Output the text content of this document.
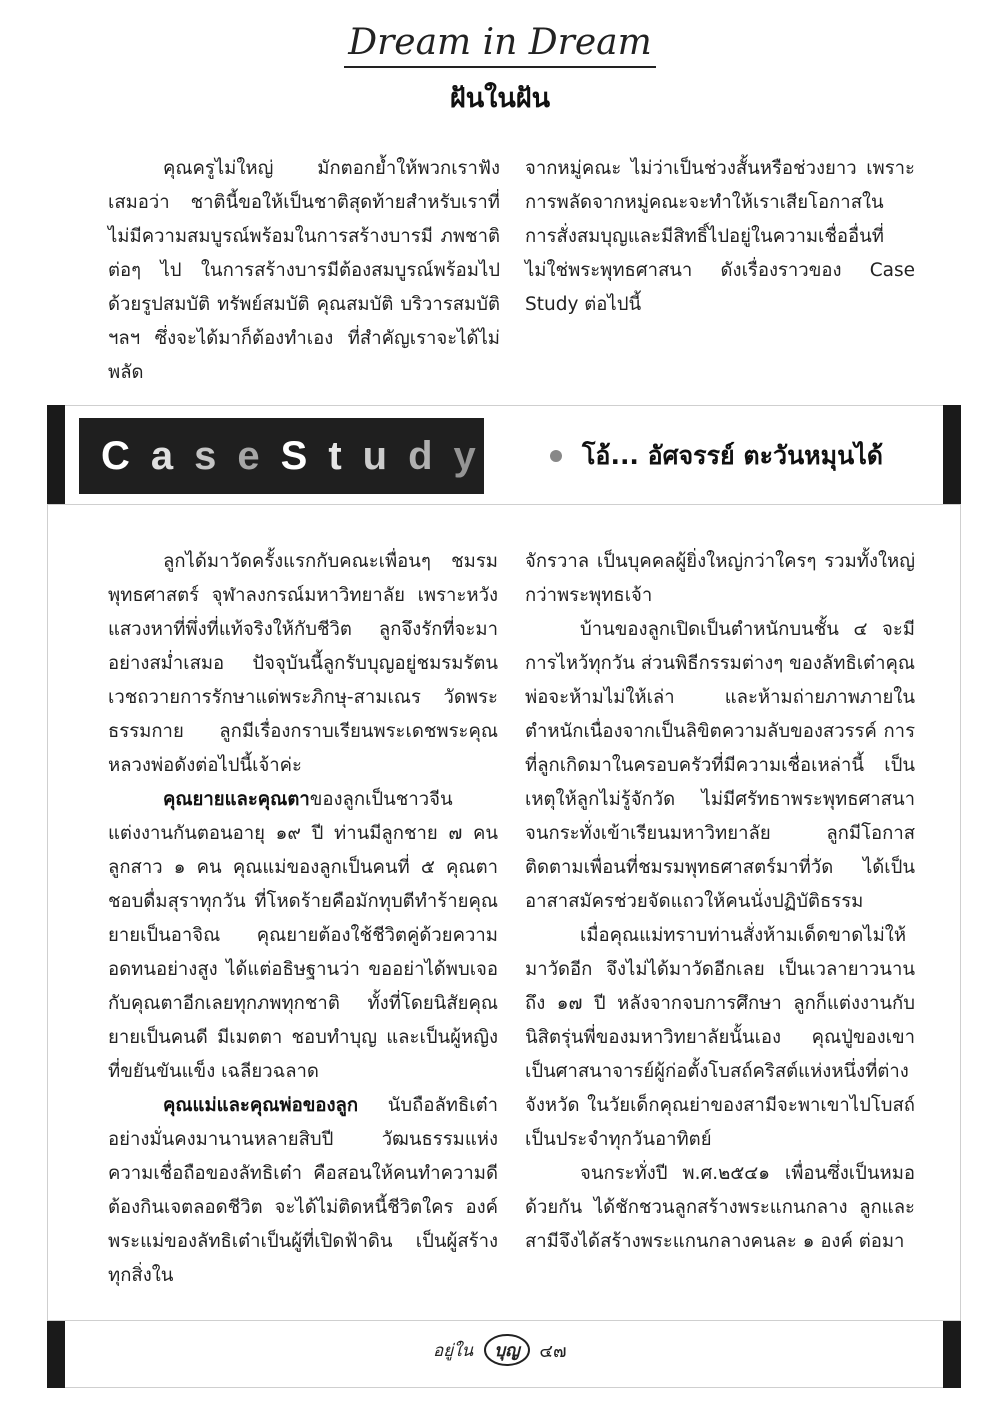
Dream in Dream
ฝันในฝัน

คุณครูไม่ใหญ่ มักตอกย้ำให้พวกเราฟังเสมอว่า ชาตินี้ขอให้เป็นชาติสุดท้ายสำหรับเราที่ไม่มีความสมบูรณ์พร้อมในการสร้างบารมี ภพชาติต่อๆ ไป ในการสร้างบารมีต้องสมบูรณ์พร้อมไปด้วยรูปสมบัติ ทรัพย์สมบัติ คุณสมบัติ บริวารสมบัติ ฯลฯ ซึ่งจะได้มาก็ต้องทำเอง ที่สำคัญเราจะได้ไม่พลัด

จากหมู่คณะ ไม่ว่าเป็นช่วงสั้นหรือช่วงยาว เพราะการพลัดจากหมู่คณะจะทำให้เราเสียโอกาสในการสั่งสมบุญและมีสิทธิ์ไปอยู่ในความเชื่ออื่นที่ไม่ใช่พระพุทธศาสนา ดังเรื่องราวของ Case Study ต่อไปนี้

C a s e S t u d y	โอ้... อัศจรรย์ ตะวันหมุนได้

ลูกได้มาวัดครั้งแรกกับคณะเพื่อนๆ ชมรมพุทธศาสตร์ จุฬาลงกรณ์มหาวิทยาลัย เพราะหวังแสวงหาที่พึ่งที่แท้จริงให้กับชีวิต ลูกจึงรักที่จะมาอย่างสม่ำเสมอ ปัจจุบันนี้ลูกรับบุญอยู่ชมรมรัตนเวชถวายการรักษาแด่พระภิกษุ-สามเณร วัดพระธรรมกาย ลูกมีเรื่องกราบเรียนพระเดชพระคุณหลวงพ่อดังต่อไปนี้เจ้าค่ะ

คุณยายและคุณตาของลูกเป็นชาวจีน แต่งงานกันตอนอายุ ๑๙ ปี ท่านมีลูกชาย ๗ คน ลูกสาว ๑ คน คุณแม่ของลูกเป็นคนที่ ๕ คุณตาชอบดื่มสุราทุกวัน ที่โหดร้ายคือมักทุบตีทำร้ายคุณยายเป็นอาจิณ คุณยายต้องใช้ชีวิตคู่ด้วยความอดทนอย่างสูง ได้แต่อธิษฐานว่า ขออย่าได้พบเจอกับคุณตาอีกเลยทุกภพทุกชาติ ทั้งที่โดยนิสัยคุณยายเป็นคนดี มีเมตตา ชอบทำบุญ และเป็นผู้หญิง ที่ขยันขันแข็ง เฉลียวฉลาด

คุณแม่และคุณพ่อของลูก นับถือลัทธิเต๋า อย่างมั่นคงมานานหลายสิบปี วัฒนธรรมแห่งความเชื่อถือของลัทธิเต๋า คือสอนให้คนทำความดี ต้องกินเจตลอดชีวิต จะได้ไม่ติดหนี้ชีวิตใคร องค์พระแม่ของลัทธิเต๋าเป็นผู้ที่เปิดฟ้าดิน เป็นผู้สร้างทุกสิ่งใน

จักรวาล เป็นบุคคลผู้ยิ่งใหญ่กว่าใครๆ รวมทั้งใหญ่กว่าพระพุทธเจ้า

บ้านของลูกเปิดเป็นตำหนักบนชั้น ๔ จะมีการไหว้ทุกวัน ส่วนพิธีกรรมต่างๆ ของลัทธิเต๋าคุณพ่อจะห้ามไม่ให้เล่า และห้ามถ่ายภาพภายในตำหนักเนื่องจากเป็นลิขิตความลับของสวรรค์ การที่ลูกเกิดมาในครอบครัวที่มีความเชื่อเหล่านี้ เป็นเหตุให้ลูกไม่รู้จักวัด ไม่มีศรัทธาพระพุทธศาสนาจนกระทั่งเข้าเรียนมหาวิทยาลัย ลูกมีโอกาสติดตามเพื่อนที่ชมรมพุทธศาสตร์มาที่วัด ได้เป็นอาสาสมัครช่วยจัดแถวให้คนนั่งปฏิบัติธรรม

เมื่อคุณแม่ทราบท่านสั่งห้ามเด็ดขาดไม่ให้มาวัดอีก จึงไม่ได้มาวัดอีกเลย เป็นเวลายาวนานถึง ๑๗ ปี หลังจากจบการศึกษา ลูกก็แต่งงานกับนิสิตรุ่นพี่ของมหาวิทยาลัยนั้นเอง คุณปู่ของเขาเป็นศาสนาจารย์ผู้ก่อตั้งโบสถ์คริสต์แห่งหนึ่งที่ต่างจังหวัด ในวัยเด็กคุณย่าของสามีจะพาเขาไปโบสถ์เป็นประจำทุกวันอาทิตย์

จนกระทั่งปี พ.ศ.๒๕๔๑ เพื่อนซึ่งเป็นหมอด้วยกัน ได้ชักชวนลูกสร้างพระแกนกลาง ลูกและสามีจึงได้สร้างพระแกนกลางคนละ ๑ องค์ ต่อมา

อยู่ใน บุญ ๔๗
